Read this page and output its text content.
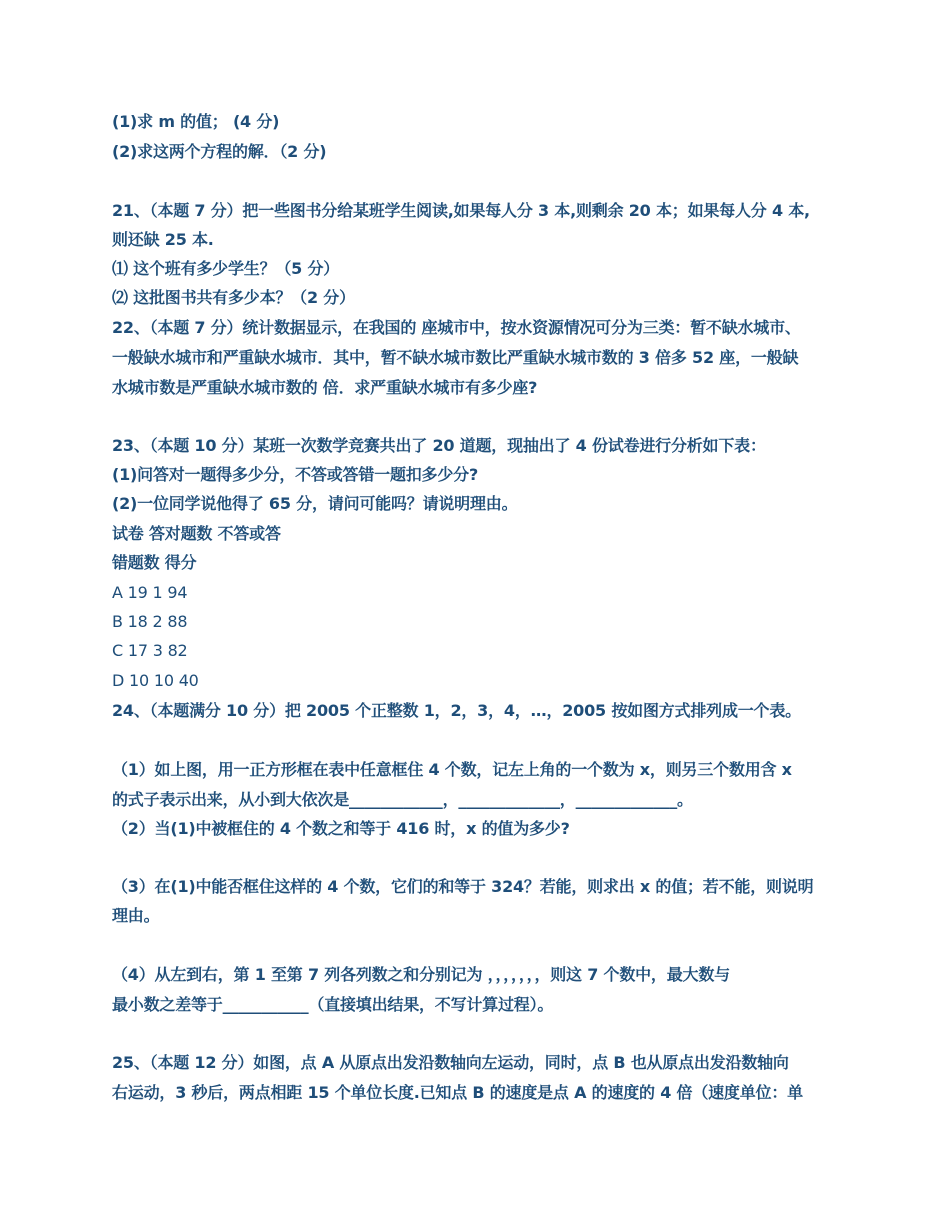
(1)求 m 的值； (4 分)
(2)求这两个方程的解．（2 分)
21、（本题 7 分）把一些图书分给某班学生阅读,如果每人分 3 本,则剩余 20 本；如果每人分 4 本,
则还缺 25 本.
⑴ 这个班有多少学生？（5 分）
⑵ 这批图书共有多少本？（2 分）
22、（本题 7 分）统计数据显示，在我国的 座城市中，按水资源情况可分为三类：暂不缺水城市、
一般缺水城市和严重缺水城市．其中，暂不缺水城市数比严重缺水城市数的 3 倍多 52 座，一般缺
水城市数是严重缺水城市数的 倍．求严重缺水城市有多少座?
23、（本题 10 分）某班一次数学竞赛共出了 20 道题，现抽出了 4 份试卷进行分析如下表：
(1)问答对一题得多少分，不答或答错一题扣多少分?
(2)一位同学说他得了 65 分，请问可能吗？请说明理由。
试卷 答对题数 不答或答
错题数 得分
A 19 1 94
B 18 2 88
C 17 3 82
D 10 10 40
24、（本题满分 10 分）把 2005 个正整数 1，2，3，4，…，2005 按如图方式排列成一个表。
（1）如上图，用一正方形框在表中任意框住 4 个数，记左上角的一个数为 x，则另三个数用含 x
的式子表示出来，从小到大依次是____________，_____________，_____________。
（2）当(1)中被框住的 4 个数之和等于 416 时，x 的值为多少?
（3）在(1)中能否框住这样的 4 个数，它们的和等于 324？若能，则求出 x 的值；若不能，则说明
理由。
（4）从左到右，第 1 至第 7 列各列数之和分别记为 ，，，，，，，则这 7 个数中，最大数与
最小数之差等于___________（直接填出结果，不写计算过程）。
25、（本题 12 分）如图，点 A 从原点出发沿数轴向左运动，同时，点 B 也从原点出发沿数轴向
右运动，3 秒后，两点相距 15 个单位长度.已知点 B 的速度是点 A 的速度的 4 倍（速度单位：单
